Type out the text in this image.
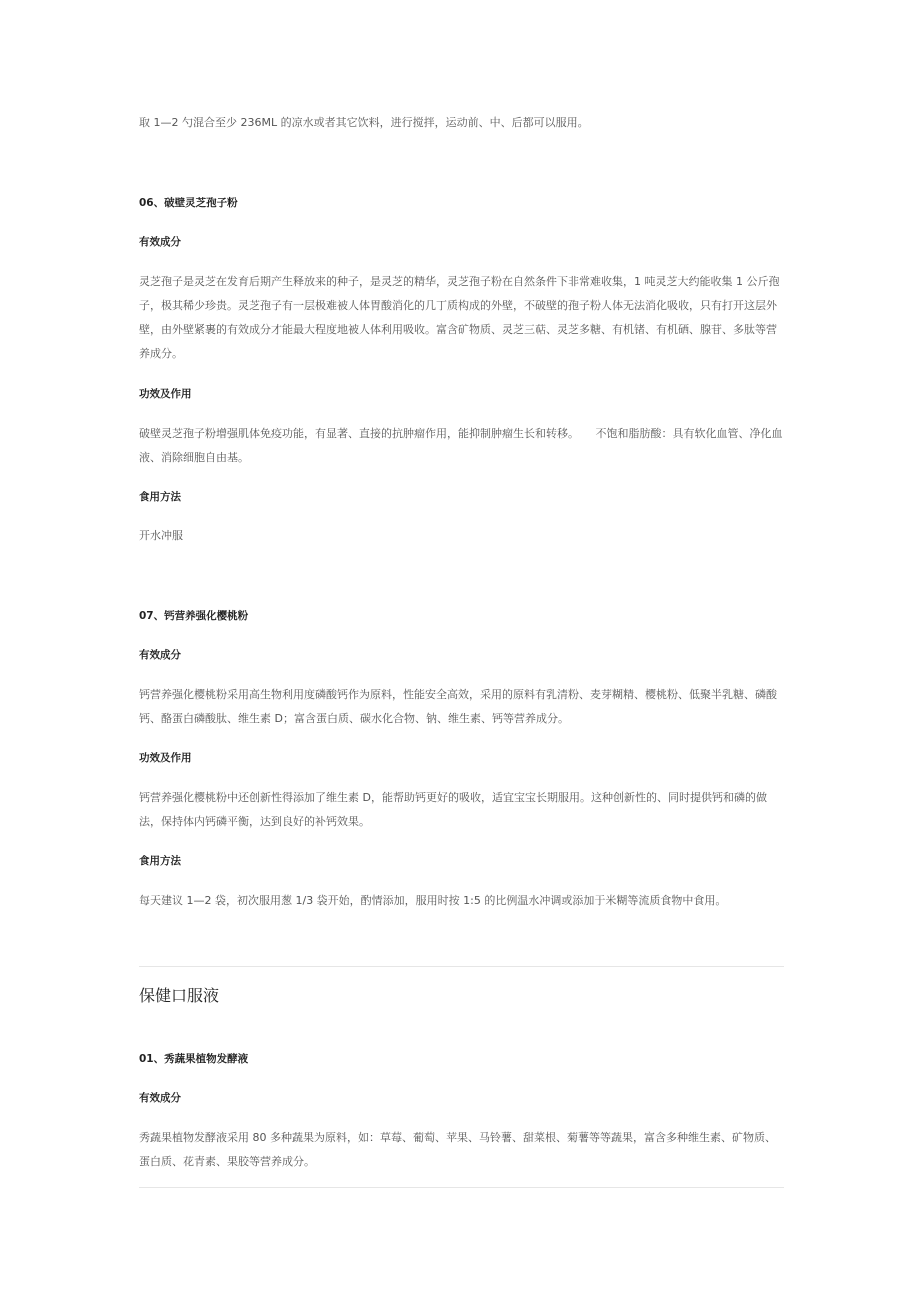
取 1—2 勺混合至少 236ML 的凉水或者其它饮料，进行搅拌，运动前、中、后都可以服用。

06、破壁灵芝孢子粉
有效成分

灵芝孢子是灵芝在发育后期产生释放来的种子，是灵芝的精华，灵芝孢子粉在自然条件下非常难收集，1 吨灵芝大约能收集 1 公斤孢子，极其稀少珍贵。灵芝孢子有一层极难被人体胃酸消化的几丁质构成的外壁，不破壁的孢子粉人体无法消化吸收，只有打开这层外壁，由外壁紧裹的有效成分才能最大程度地被人体利用吸收。富含矿物质、灵芝三萜、灵芝多糖、有机锗、有机硒、腺苷、多肽等营养成分。

功效及作用

破壁灵芝孢子粉增强肌体免疫功能，有显著、直接的抗肿瘤作用，能抑制肿瘤生长和转移。　　不饱和脂肪酸：具有软化血管、净化血液、消除细胞自由基。

食用方法

开水冲服

07、钙营养强化樱桃粉
有效成分

钙营养强化樱桃粉采用高生物利用度磷酸钙作为原料，性能安全高效，采用的原料有乳清粉、麦芽糊精、樱桃粉、低聚半乳糖、磷酸钙、酪蛋白磷酸肽、维生素 D；富含蛋白质、碳水化合物、钠、维生素、钙等营养成分。

功效及作用

钙营养强化樱桃粉中还创新性得添加了维生素 D，能帮助钙更好的吸收，适宜宝宝长期服用。这种创新性的、同时提供钙和磷的做法，保持体内钙磷平衡，达到良好的补钙效果。

食用方法

每天建议 1—2 袋，初次服用葱 1/3 袋开始，酌情添加，服用时按 1:5 的比例温水冲调或添加于米糊等流质食物中食用。

保健口服液
01、秀蔬果植物发酵液
有效成分

秀蔬果植物发酵液采用 80 多种蔬果为原料，如：草莓、葡萄、苹果、马铃薯、甜菜根、菊薯等等蔬果，富含多种维生素、矿物质、蛋白质、花青素、果胶等营养成分。
